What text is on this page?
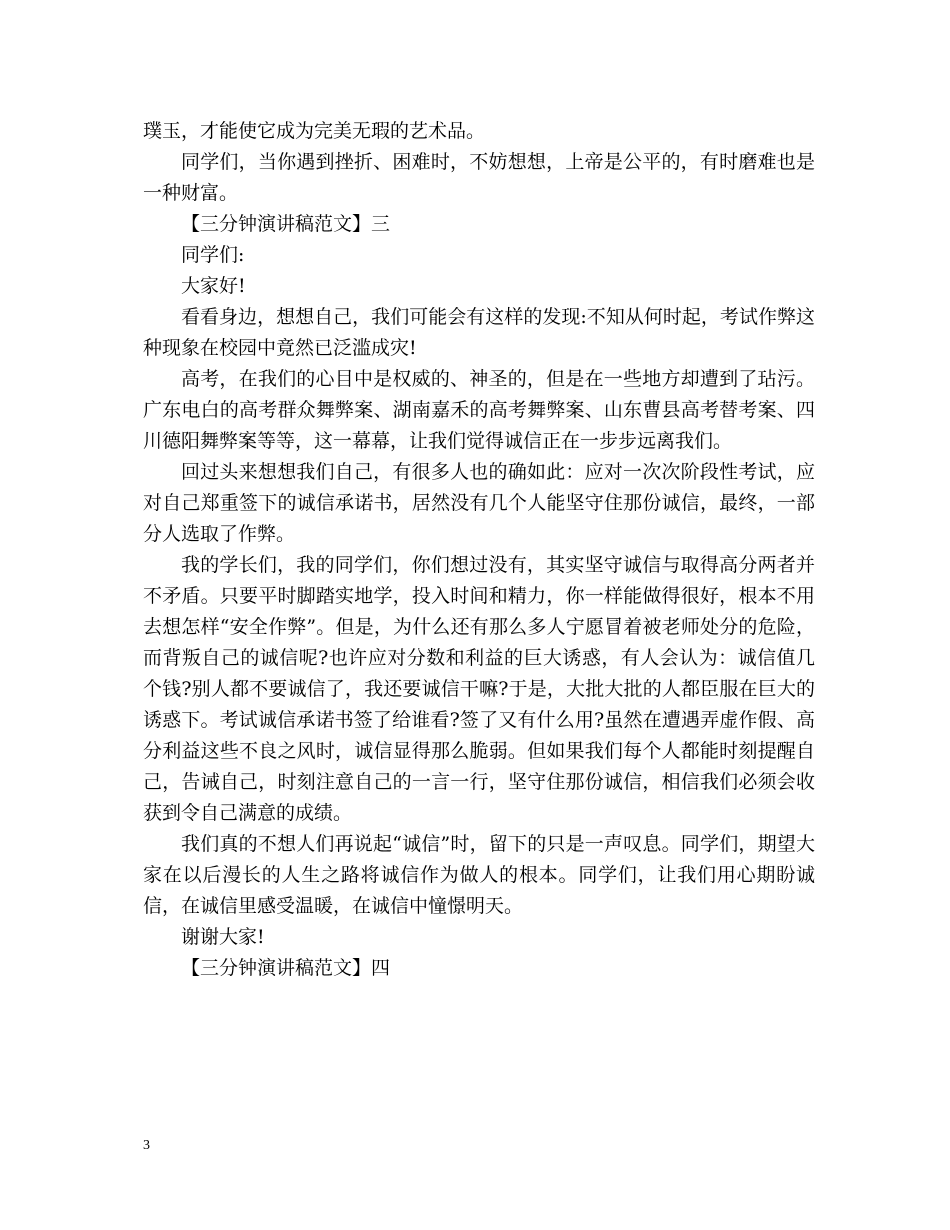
璞玉，才能使它成为完美无瑕的艺术品。

同学们，当你遇到挫折、困难时，不妨想想，上帝是公平的，有时磨难也是一种财富。

【三分钟演讲稿范文】三

同学们:

大家好!

看看身边，想想自己，我们可能会有这样的发现:不知从何时起，考试作弊这种现象在校园中竟然已泛滥成灾!

高考，在我们的心目中是权威的、神圣的，但是在一些地方却遭到了玷污。广东电白的高考群众舞弊案、湖南嘉禾的高考舞弊案、山东曹县高考替考案、四川德阳舞弊案等等，这一幕幕，让我们觉得诚信正在一步步远离我们。

回过头来想想我们自己，有很多人也的确如此：应对一次次阶段性考试，应对自己郑重签下的诚信承诺书，居然没有几个人能坚守住那份诚信，最终，一部分人选取了作弊。

我的学长们，我的同学们，你们想过没有，其实坚守诚信与取得高分两者并不矛盾。只要平时脚踏实地学，投入时间和精力，你一样能做得很好，根本不用去想怎样“安全作弊”。但是，为什么还有那么多人宁愿冒着被老师处分的危险，而背叛自己的诚信呢?也许应对分数和利益的巨大诱惑，有人会认为：诚信值几个钱?别人都不要诚信了，我还要诚信干嘛?于是，大批大批的人都臣服在巨大的诱惑下。考试诚信承诺书签了给谁看?签了又有什么用?虽然在遭遇弄虚作假、高分利益这些不良之风时，诚信显得那么脆弱。但如果我们每个人都能时刻提醒自己，告诫自己，时刻注意自己的一言一行，坚守住那份诚信，相信我们必须会收获到令自己满意的成绩。

我们真的不想人们再说起“诚信”时，留下的只是一声叹息。同学们，期望大家在以后漫长的人生之路将诚信作为做人的根本。同学们，让我们用心期盼诚信，在诚信里感受温暖，在诚信中憧憬明天。

谢谢大家!

【三分钟演讲稿范文】四

3
